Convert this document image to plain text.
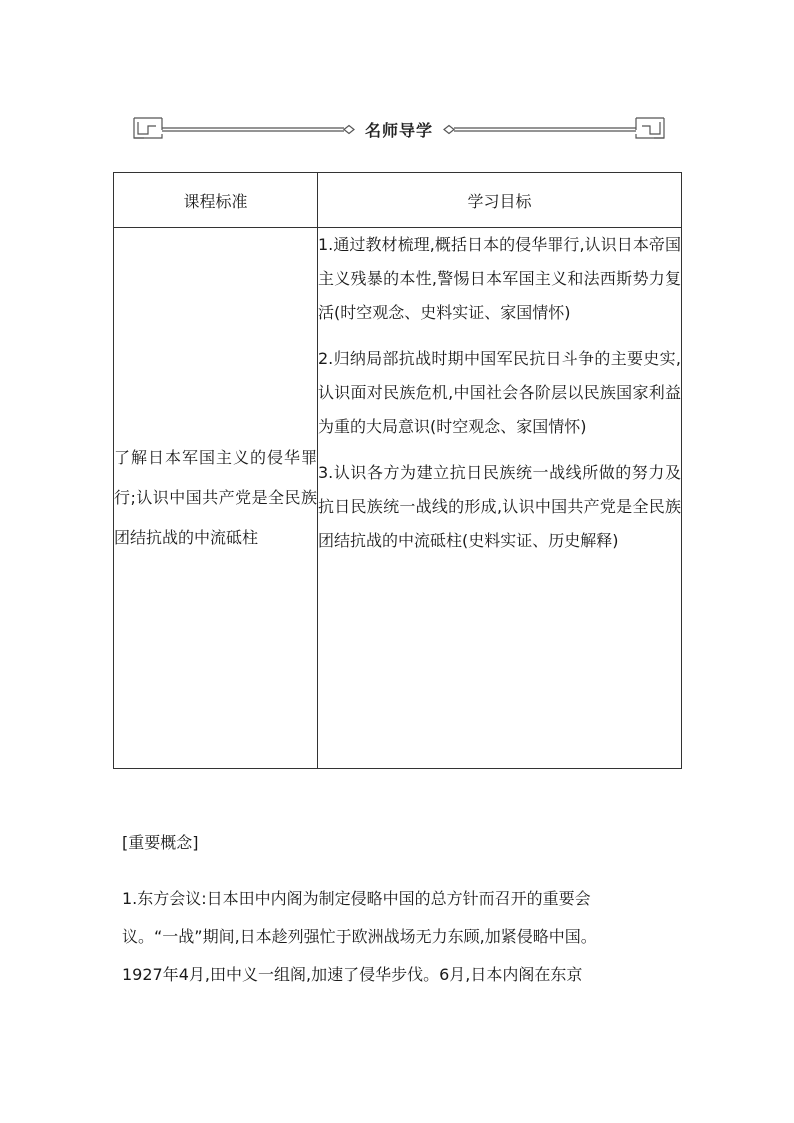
名师导学
课程标准	学习目标
了解日本军国主义的侵华罪行;认识中国共产党是全民族团结抗战的中流砥柱	1.通过教材梳理,概括日本的侵华罪行,认识日本帝国主义残暴的本性,警惕日本军国主义和法西斯势力复活(时空观念、史料实证、家国情怀)

2.归纳局部抗战时期中国军民抗日斗争的主要史实,认识面对民族危机,中国社会各阶层以民族国家利益为重的大局意识(时空观念、家国情怀)

3.认识各方为建立抗日民族统一战线所做的努力及抗日民族统一战线的形成,认识中国共产党是全民族团结抗战的中流砥柱(史料实证、历史解释)

[重要概念]
1.东方会议:日本田中内阁为制定侵略中国的总方针而召开的重要会
议。“一战”期间,日本趁列强忙于欧洲战场无力东顾,加紧侵略中国。
1927年4月,田中义一组阁,加速了侵华步伐。6月,日本内阁在东京
